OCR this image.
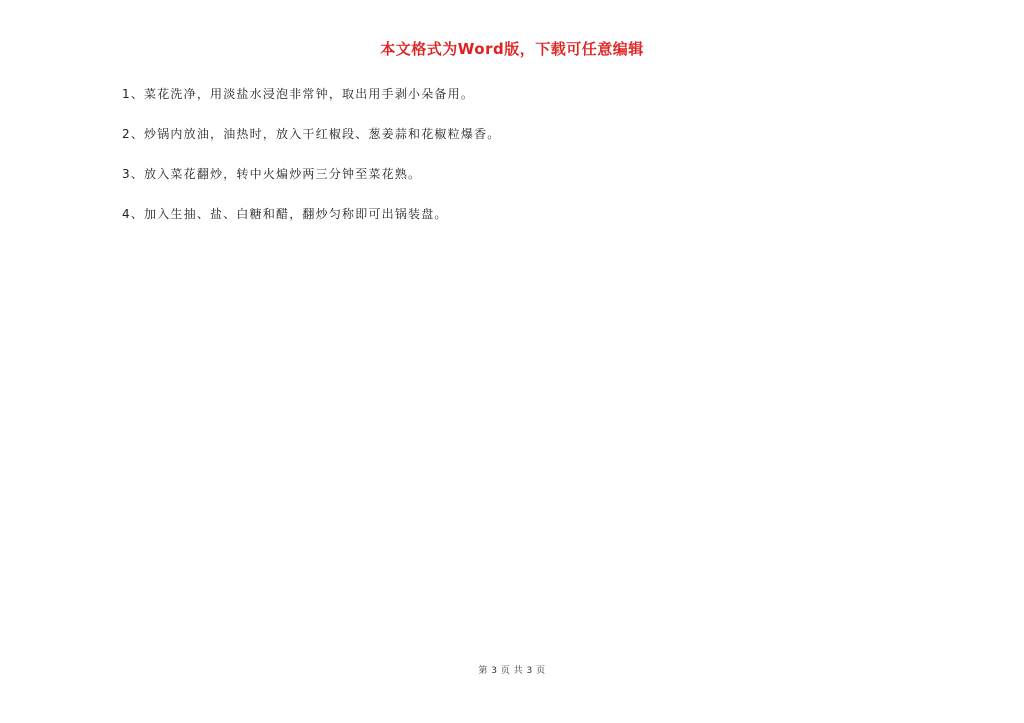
本文格式为Word版，下载可任意编辑
1、菜花洗净，用淡盐水浸泡非常钟，取出用手剥小朵备用。
2、炒锅内放油，油热时，放入干红椒段、葱姜蒜和花椒粒爆香。
3、放入菜花翻炒，转中火煸炒两三分钟至菜花熟。
4、加入生抽、盐、白糖和醋，翻炒匀称即可出锅装盘。
第 3 页 共 3 页
